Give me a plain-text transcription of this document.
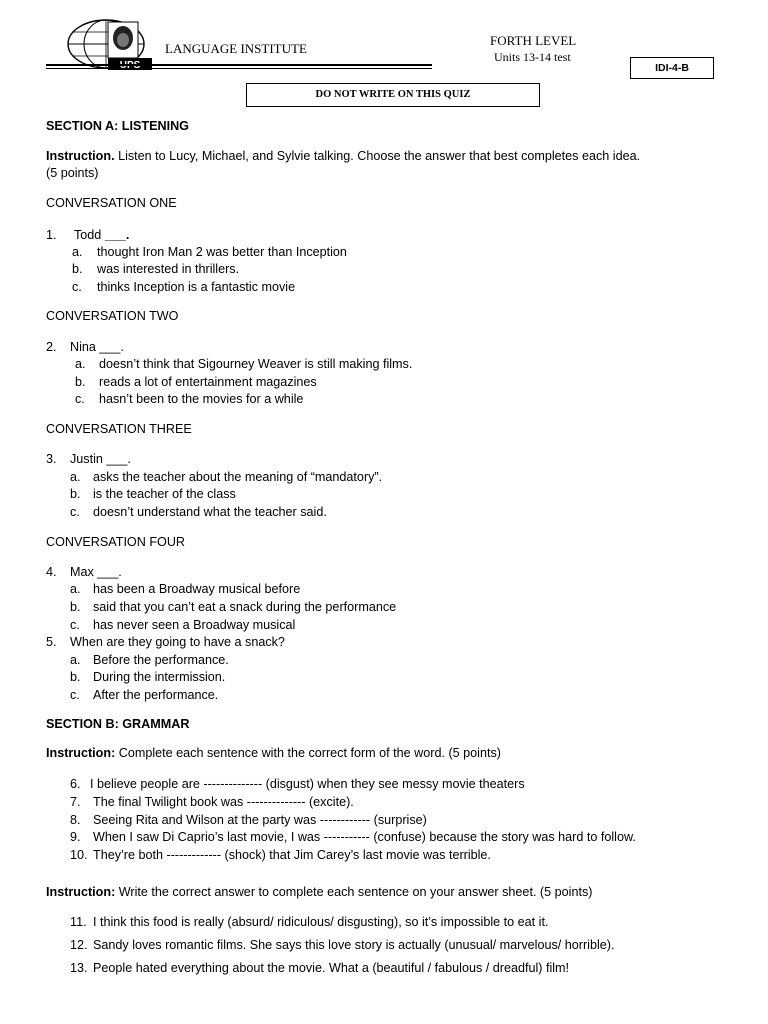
LANGUAGE INSTITUTE
FORTH LEVEL
Units 13-14 test
IDI-4-B
DO NOT WRITE ON THIS QUIZ
SECTION A: LISTENING
Instruction. Listen to Lucy, Michael, and Sylvie talking. Choose the answer that best completes each idea.
(5 points)
CONVERSATION ONE
1. Todd ___.
a. thought Iron Man 2 was better than Inception
b. was interested in thrillers.
c. thinks Inception is a fantastic movie
CONVERSATION TWO
2. Nina ___.
a. doesn’t think that Sigourney Weaver is still making films.
b. reads a lot of entertainment magazines
c. hasn’t been to the movies for a while
CONVERSATION THREE
3. Justin ___.
a. asks the teacher about the meaning of “mandatory”.
b. is the teacher of the class
c. doesn’t understand what the teacher said.
CONVERSATION FOUR
4. Max ___.
a. has been a Broadway musical before
b. said that you can’t eat a snack during the performance
c. has never seen a Broadway musical
5. When are they going to have a snack?
a. Before the performance.
b. During the intermission.
c. After the performance.
SECTION B: GRAMMAR
Instruction: Complete each sentence with the correct form of the word. (5 points)
6. I believe people are -------------- (disgust) when they see messy movie theaters
7. The final Twilight book was -------------- (excite).
8. Seeing Rita and Wilson at the party was ------------ (surprise)
9. When I saw Di Caprio’s last movie, I was ----------- (confuse) because the story was hard to follow.
10. They’re both ------------- (shock) that Jim Carey’s last movie was terrible.
Instruction: Write the correct answer to complete each sentence on your answer sheet. (5 points)
11. I think this food is really (absurd/ ridiculous/ disgusting), so it’s impossible to eat it.
12. Sandy loves romantic films. She says this love story is actually (unusual/ marvelous/ horrible).
13. People hated everything about the movie. What a (beautiful / fabulous / dreadful) film!
